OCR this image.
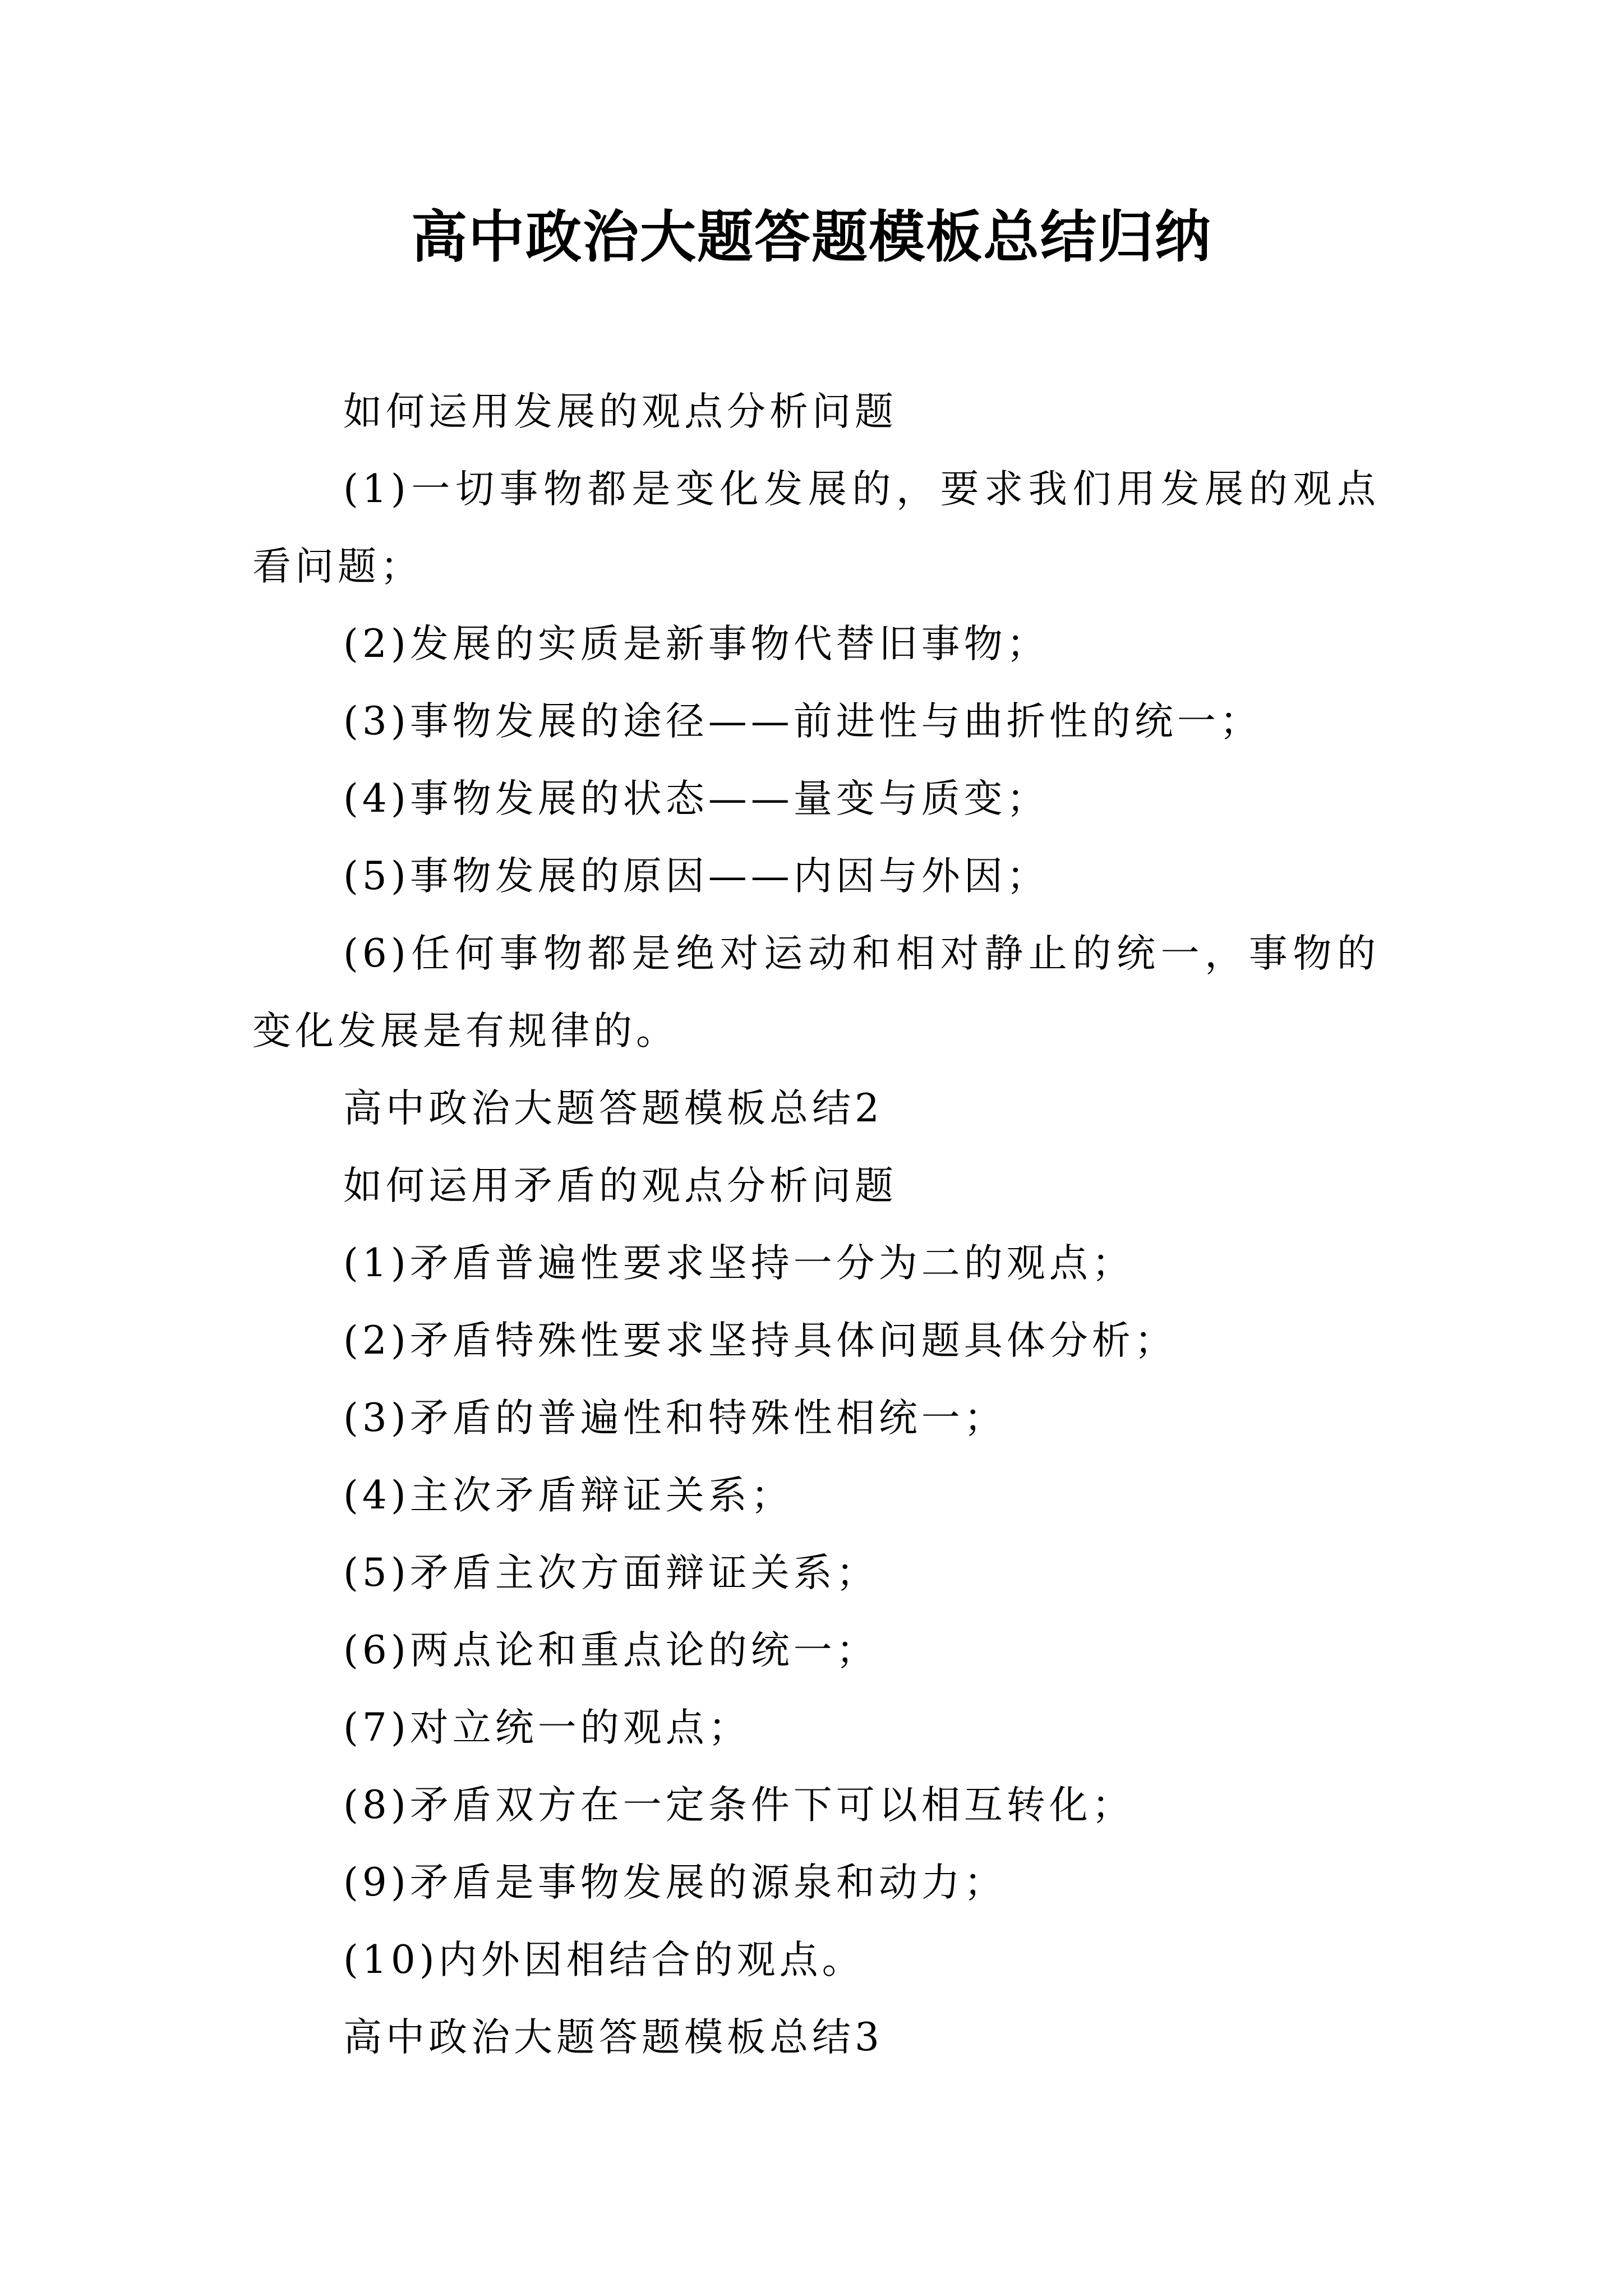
高中政治大题答题模板总结归纳

如何运用发展的观点分析问题

(1)一切事物都是变化发展的，要求我们用发展的观点看问题；

(2)发展的实质是新事物代替旧事物；

(3)事物发展的途径——前进性与曲折性的统一；

(4)事物发展的状态——量变与质变；

(5)事物发展的原因——内因与外因；

(6)任何事物都是绝对运动和相对静止的统一，事物的变化发展是有规律的。

高中政治大题答题模板总结2

如何运用矛盾的观点分析问题

(1)矛盾普遍性要求坚持一分为二的观点；

(2)矛盾特殊性要求坚持具体问题具体分析；

(3)矛盾的普遍性和特殊性相统一；

(4)主次矛盾辩证关系；

(5)矛盾主次方面辩证关系；

(6)两点论和重点论的统一；

(7)对立统一的观点；

(8)矛盾双方在一定条件下可以相互转化；

(9)矛盾是事物发展的源泉和动力；

(10)内外因相结合的观点。

高中政治大题答题模板总结3
